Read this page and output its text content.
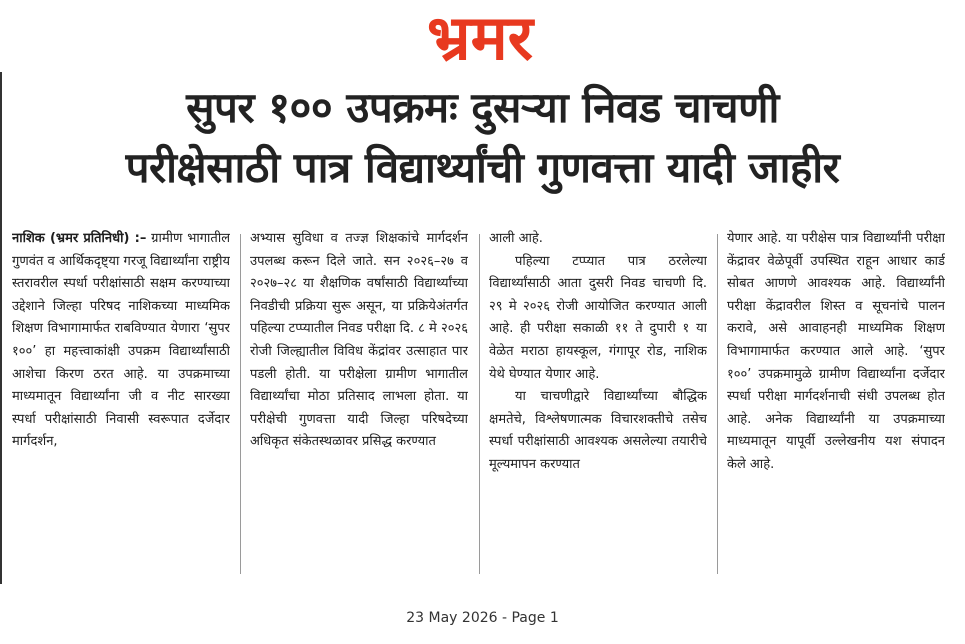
भ्रमर
सुपर १०० उपक्रमः दुसऱ्या निवड चाचणी
परीक्षेसाठी पात्र विद्यार्थ्यांची गुणवत्ता यादी जाहीर

नाशिक (भ्रमर प्रतिनिधी) :– ग्रामीण भागातील गुणवंत व आर्थिकदृष्ट्या गरजू विद्यार्थ्यांना राष्ट्रीय स्तरावरील स्पर्धा परीक्षांसाठी सक्षम करण्याच्या उद्देशाने जिल्हा परिषद नाशिकच्या माध्यमिक शिक्षण विभागामार्फत राबविण्यात येणारा ‘सुपर १००’ हा महत्त्वाकांक्षी उपक्रम विद्यार्थ्यांसाठी आशेचा किरण ठरत आहे. या उपक्रमाच्या माध्यमातून विद्यार्थ्यांना जी व नीट सारख्या स्पर्धा परीक्षांसाठी निवासी स्वरूपात दर्जेदार मार्गदर्शन,

अभ्यास सुविधा व तज्ज्ञ शिक्षकांचे मार्गदर्शन उपलब्ध करून दिले जाते. सन २०२६–२७ व २०२७–२८ या शैक्षणिक वर्षांसाठी विद्यार्थ्यांच्या निवडीची प्रक्रिया सुरू असून, या प्रक्रियेअंतर्गत पहिल्या टप्प्यातील निवड परीक्षा दि. ८ मे २०२६ रोजी जिल्ह्यातील विविध केंद्रांवर उत्साहात पार पडली होती. या परीक्षेला ग्रामीण भागातील विद्यार्थ्यांचा मोठा प्रतिसाद लाभला होता. या परीक्षेची गुणवत्ता यादी जिल्हा परिषदेच्या अधिकृत संकेतस्थळावर प्रसिद्ध करण्यात

आली आहे.

पहिल्या टप्प्यात पात्र ठरलेल्या विद्यार्थ्यांसाठी आता दुसरी निवड चाचणी दि. २९ मे २०२६ रोजी आयोजित करण्यात आली आहे. ही परीक्षा सकाळी ११ ते दुपारी १ या वेळेत मराठा हायस्कूल, गंगापूर रोड, नाशिक येथे घेण्यात येणार आहे.

या चाचणीद्वारे विद्यार्थ्यांच्या बौद्धिक क्षमतेचे, विश्लेषणात्मक विचारशक्तीचे तसेच स्पर्धा परीक्षांसाठी आवश्यक असलेल्या तयारीचे मूल्यमापन करण्यात

येणार आहे. या परीक्षेस पात्र विद्यार्थ्यांनी परीक्षा केंद्रावर वेळेपूर्वी उपस्थित राहून आधार कार्ड सोबत आणणे आवश्यक आहे. विद्यार्थ्यांनी परीक्षा केंद्रावरील शिस्त व सूचनांचे पालन करावे, असे आवाहनही माध्यमिक शिक्षण विभागामार्फत करण्यात आले आहे. ‘सुपर १००’ उपक्रमामुळे ग्रामीण विद्यार्थ्यांना दर्जेदार स्पर्धा परीक्षा मार्गदर्शनाची संधी उपलब्ध होत आहे. अनेक विद्यार्थ्यांनी या उपक्रमाच्या माध्यमातून यापूर्वी उल्लेखनीय यश संपादन केले आहे.

23 May 2026 - Page 1
